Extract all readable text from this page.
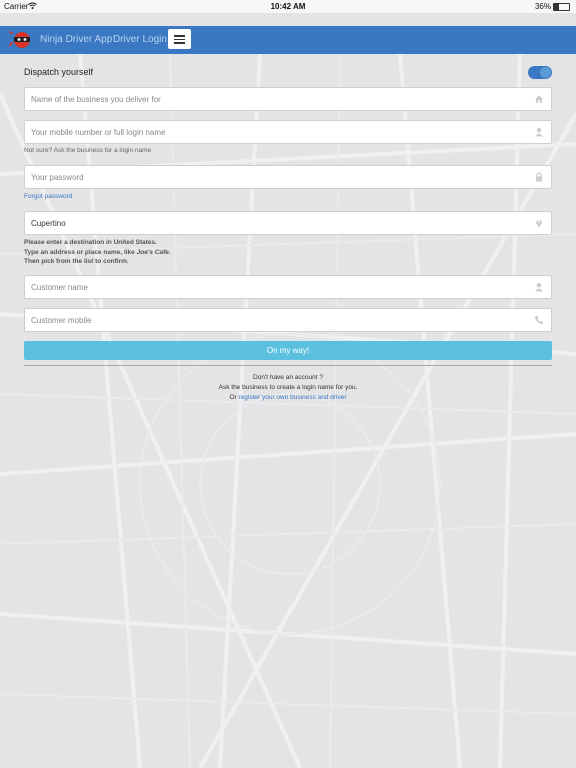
Carrier	10:42 AM	36%
Ninja Driver App Driver Login
Dispatch yourself
Name of the business you deliver for
Your mobile number or full login name
Not sure? Ask the business for a login name
Forgot password
Cupertino
Please enter a destination in United States.
Type an address or place name, like Joe's Cafe.
Then pick from the list to confirm.
Customer name
Customer mobile
On my way!
Don't have an account ?
Ask the business to create a login name for you.
Or register your own business and driver
